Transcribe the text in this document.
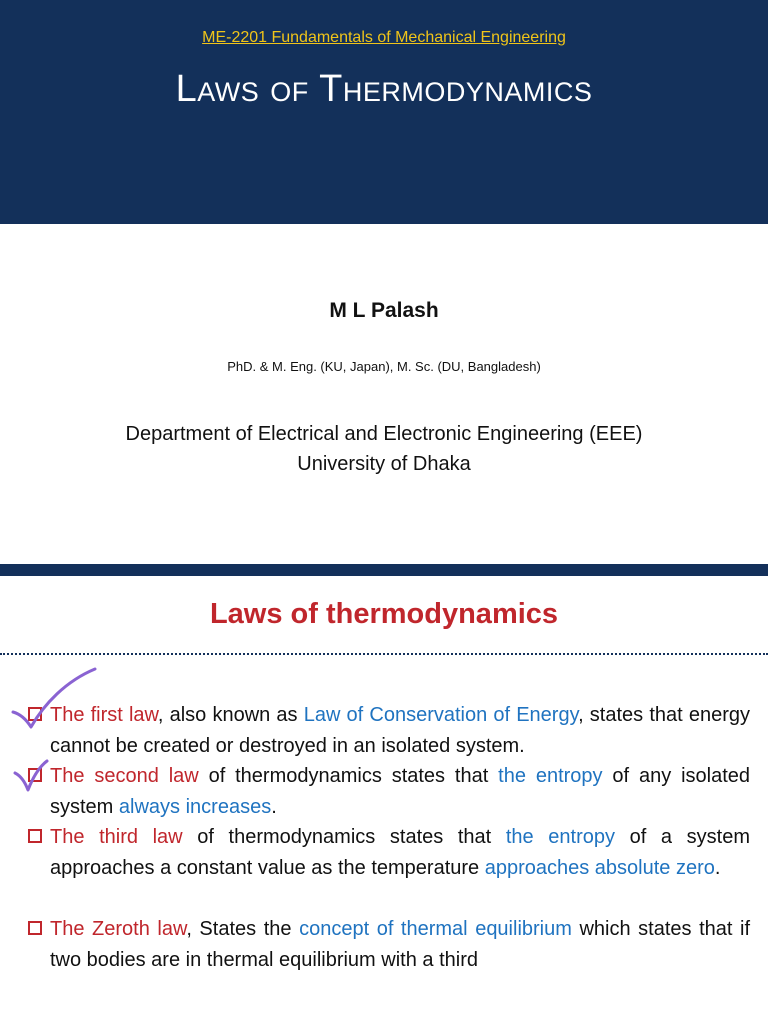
ME-2201 Fundamentals of Mechanical Engineering
Laws of Thermodynamics
M L Palash
PhD. & M. Eng. (KU, Japan), M. Sc. (DU, Bangladesh)
Department of Electrical and Electronic Engineering (EEE)
University of Dhaka
Laws of thermodynamics
The first law, also known as Law of Conservation of Energy, states that energy cannot be created or destroyed in an isolated system.
The second law of thermodynamics states that the entropy of any isolated system always increases.
The third law of thermodynamics states that the entropy of a system approaches a constant value as the temperature approaches absolute zero.
The Zeroth law, States the concept of thermal equilibrium which states that if two bodies are in thermal equilibrium with a third
